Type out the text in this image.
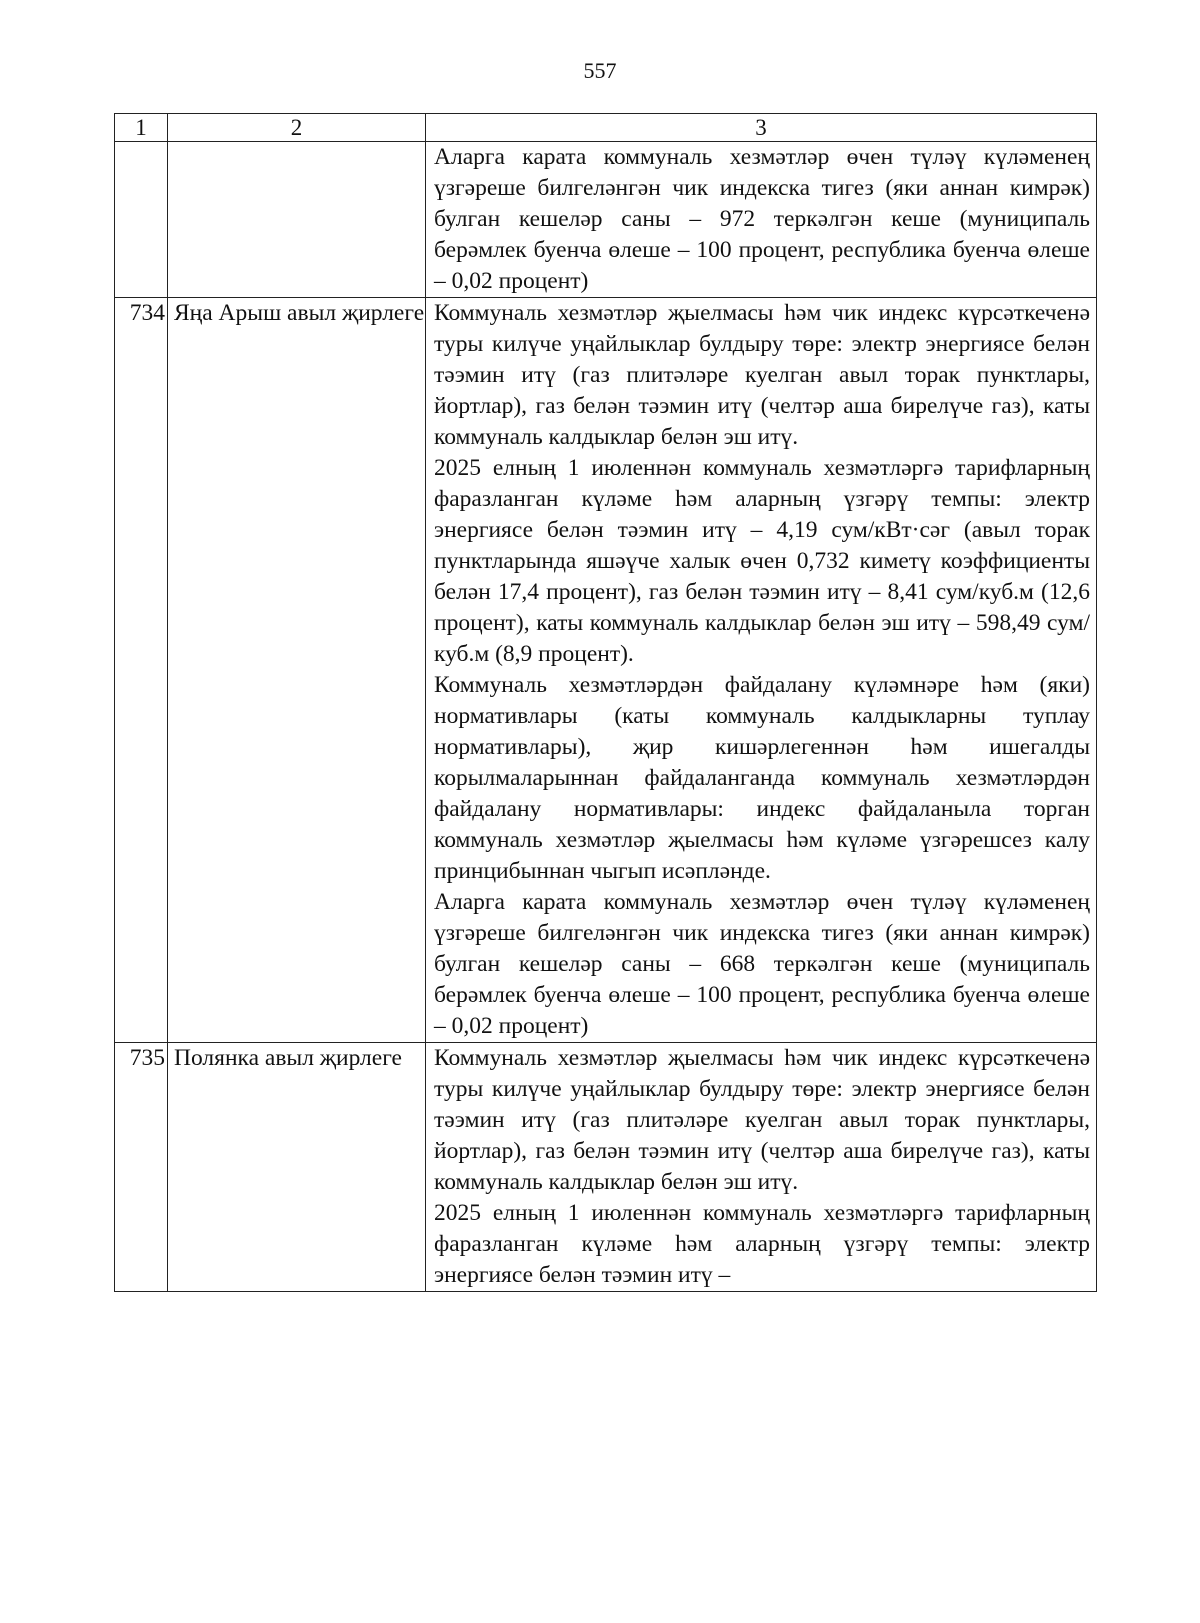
557
1	2	3

		Аларга карата коммуналь хезмәтләр өчен түләү күләменең үзгәреше билгеләнгән чик индекска тигез (яки аннан кимрәк) булган кешеләр саны – 972 теркәлгән кеше (муниципаль берәмлек буенча өлеше – 100 процент, республика буенча өлеше – 0,02 процент)

734	Яңа Арыш авыл җирлеге	Коммуналь хезмәтләр җыелмасы һәм чик индекс күрсәткеченә туры килүче уңайлыклар булдыру төре: электр энергиясе белән тәэмин итү (газ плитәләре куелган авыл торак пунктлары, йортлар), газ белән тәэмин итү (челтәр аша бирелүче газ), каты коммуналь калдыклар белән эш итү.

2025 елның 1 июленнән коммуналь хезмәтләргә тарифларның фаразланган күләме һәм аларның үзгәрү темпы: электр энергиясе белән тәэмин итү – 4,19 сум/кВт·сәг (авыл торак пунктларында яшәүче халык өчен 0,732 киметү коэффициенты белән 17,4 процент), газ белән тәэмин итү – 8,41 сум/куб.м (12,6 процент), каты коммуналь калдыклар белән эш итү – 598,49 сум/куб.м (8,9 процент).

Коммуналь хезмәтләрдән файдалану күләмнәре һәм (яки) нормативлары (каты коммуналь калдыкларны туплау нормативлары), җир кишәрлегеннән һәм ишегалды корылмаларыннан файдаланганда коммуналь хезмәтләрдән файдалану нормативлары: индекс файдаланыла торган коммуналь хезмәтләр җыелмасы һәм күләме үзгәрешсез калу принцибыннан чыгып исәпләнде.

Аларга карата коммуналь хезмәтләр өчен түләү күләменең үзгәреше билгеләнгән чик индекска тигез (яки аннан кимрәк) булган кешеләр саны – 668 теркәлгән кеше (муниципаль берәмлек буенча өлеше – 100 процент, республика буенча өлеше – 0,02 процент)

735	Полянка авыл җирлеге	Коммуналь хезмәтләр җыелмасы һәм чик индекс күрсәткеченә туры килүче уңайлыклар булдыру төре: электр энергиясе белән тәэмин итү (газ плитәләре куелган авыл торак пунктлары, йортлар), газ белән тәэмин итү (челтәр аша бирелүче газ), каты коммуналь калдыклар белән эш итү.

2025 елның 1 июленнән коммуналь хезмәтләргә тарифларның фаразланган күләме һәм аларның үзгәрү темпы: электр энергиясе белән тәэмин итү –
